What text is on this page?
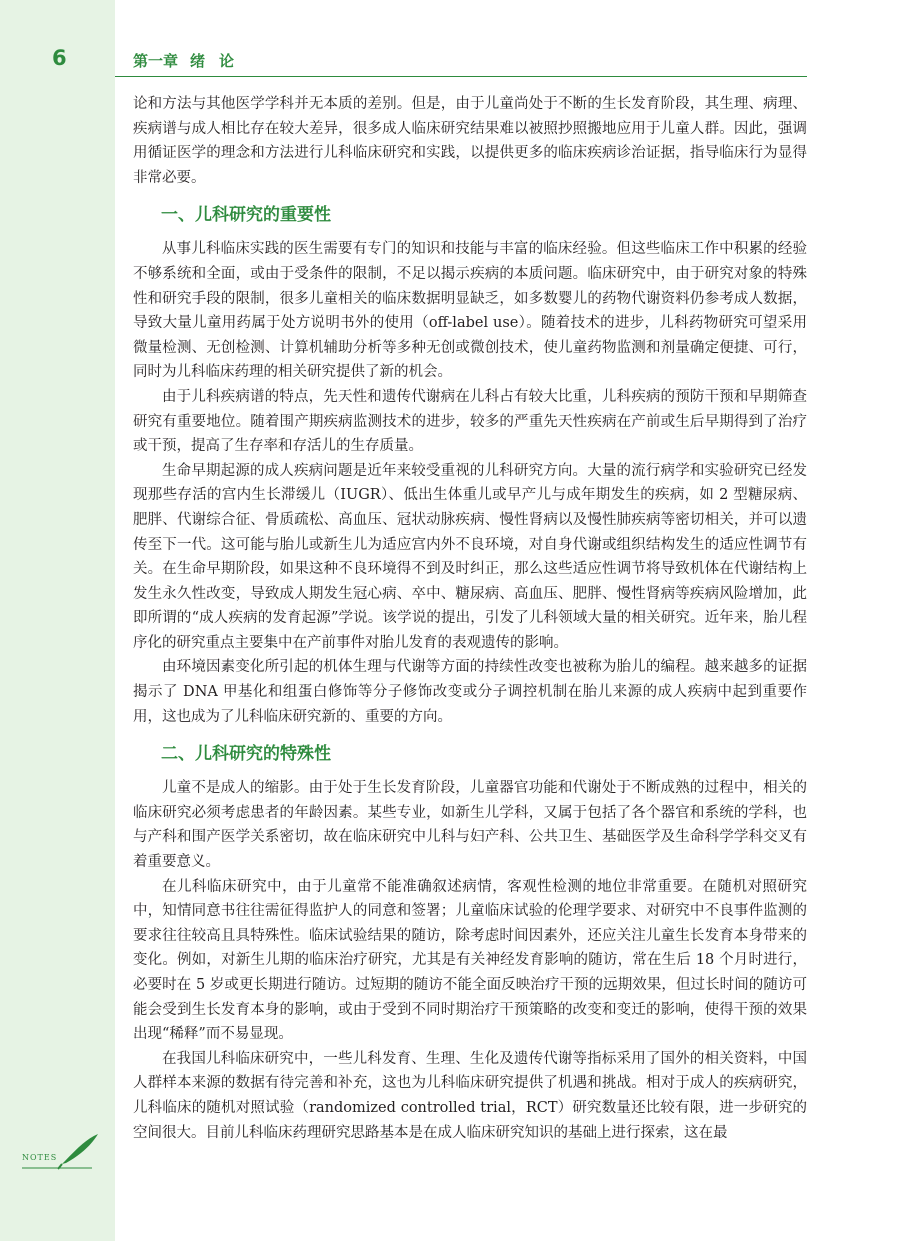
6	第一章 绪论

论和方法与其他医学学科并无本质的差别。但是，由于儿童尚处于不断的生长发育阶段，其生理、病理、疾病谱与成人相比存在较大差异，很多成人临床研究结果难以被照抄照搬地应用于儿童人群。因此，强调用循证医学的理念和方法进行儿科临床研究和实践，以提供更多的临床疾病诊治证据，指导临床行为显得非常必要。

一、儿科研究的重要性

从事儿科临床实践的医生需要有专门的知识和技能与丰富的临床经验。但这些临床工作中积累的经验不够系统和全面，或由于受条件的限制，不足以揭示疾病的本质问题。临床研究中，由于研究对象的特殊性和研究手段的限制，很多儿童相关的临床数据明显缺乏，如多数婴儿的药物代谢资料仍参考成人数据，导致大量儿童用药属于处方说明书外的使用（off-label use）。随着技术的进步，儿科药物研究可望采用微量检测、无创检测、计算机辅助分析等多种无创或微创技术，使儿童药物监测和剂量确定便捷、可行，同时为儿科临床药理的相关研究提供了新的机会。

由于儿科疾病谱的特点，先天性和遗传代谢病在儿科占有较大比重，儿科疾病的预防干预和早期筛查研究有重要地位。随着围产期疾病监测技术的进步，较多的严重先天性疾病在产前或生后早期得到了治疗或干预，提高了生存率和存活儿的生存质量。

生命早期起源的成人疾病问题是近年来较受重视的儿科研究方向。大量的流行病学和实验研究已经发现那些存活的宫内生长滞缓儿（IUGR）、低出生体重儿或早产儿与成年期发生的疾病，如 2 型糖尿病、肥胖、代谢综合征、骨质疏松、高血压、冠状动脉疾病、慢性肾病以及慢性肺疾病等密切相关，并可以遗传至下一代。这可能与胎儿或新生儿为适应宫内外不良环境，对自身代谢或组织结构发生的适应性调节有关。在生命早期阶段，如果这种不良环境得不到及时纠正，那么这些适应性调节将导致机体在代谢结构上发生永久性改变，导致成人期发生冠心病、卒中、糖尿病、高血压、肥胖、慢性肾病等疾病风险增加，此即所谓的“成人疾病的发育起源”学说。该学说的提出，引发了儿科领域大量的相关研究。近年来，胎儿程序化的研究重点主要集中在产前事件对胎儿发育的表观遗传的影响。

由环境因素变化所引起的机体生理与代谢等方面的持续性改变也被称为胎儿的编程。越来越多的证据揭示了 DNA 甲基化和组蛋白修饰等分子修饰改变或分子调控机制在胎儿来源的成人疾病中起到重要作用，这也成为了儿科临床研究新的、重要的方向。

二、儿科研究的特殊性

儿童不是成人的缩影。由于处于生长发育阶段，儿童器官功能和代谢处于不断成熟的过程中，相关的临床研究必须考虑患者的年龄因素。某些专业，如新生儿学科，又属于包括了各个器官和系统的学科，也与产科和围产医学关系密切，故在临床研究中儿科与妇产科、公共卫生、基础医学及生命科学学科交叉有着重要意义。

在儿科临床研究中，由于儿童常不能准确叙述病情，客观性检测的地位非常重要。在随机对照研究中，知情同意书往往需征得监护人的同意和签署；儿童临床试验的伦理学要求、对研究中不良事件监测的要求往往较高且具特殊性。临床试验结果的随访，除考虑时间因素外，还应关注儿童生长发育本身带来的变化。例如，对新生儿期的临床治疗研究，尤其是有关神经发育影响的随访，常在生后 18 个月时进行，必要时在 5 岁或更长期进行随访。过短期的随访不能全面反映治疗干预的远期效果，但过长时间的随访可能会受到生长发育本身的影响，或由于受到不同时期治疗干预策略的改变和变迁的影响，使得干预的效果出现“稀释”而不易显现。

在我国儿科临床研究中，一些儿科发育、生理、生化及遗传代谢等指标采用了国外的相关资料，中国人群样本来源的数据有待完善和补充，这也为儿科临床研究提供了机遇和挑战。相对于成人的疾病研究，儿科临床的随机对照试验（randomized controlled trial，RCT）研究数量还比较有限，进一步研究的空间很大。目前儿科临床药理研究思路基本是在成人临床研究知识的基础上进行探索，这在最

NOTES
